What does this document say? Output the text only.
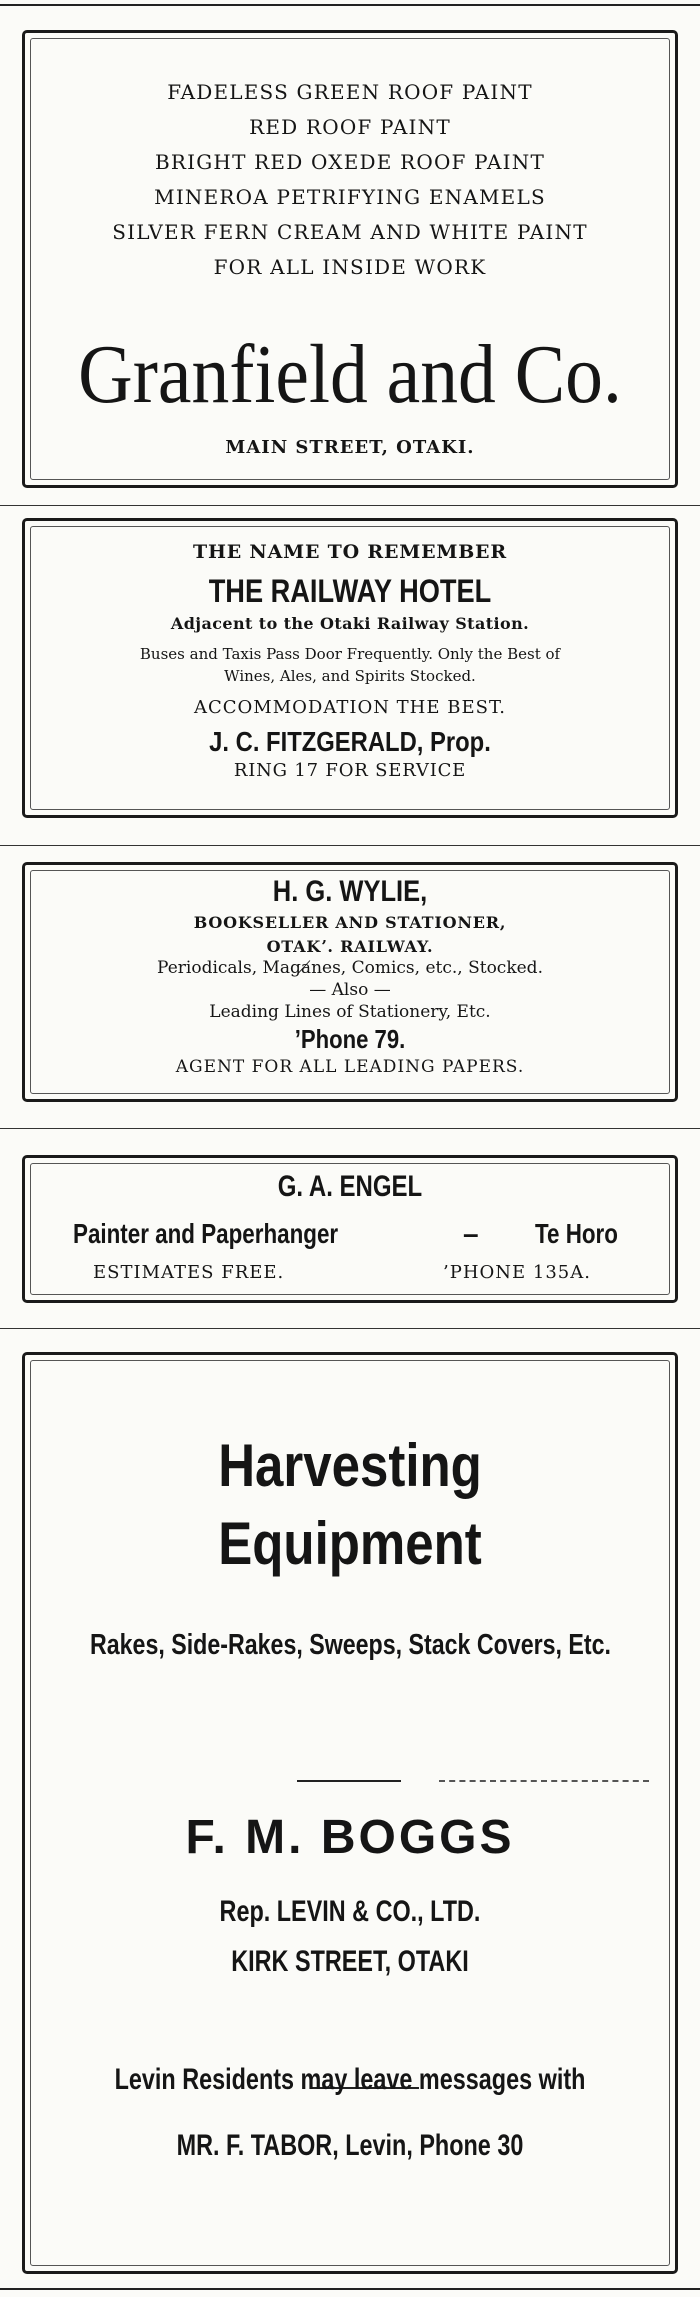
FADELESS GREEN ROOF PAINT
RED ROOF PAINT
BRIGHT RED OXEDE ROOF PAINT
MINEROA PETRIFYING ENAMELS
SILVER FERN CREAM AND WHITE PAINT
FOR ALL INSIDE WORK
Granfield and Co.
MAIN STREET, OTAKI.
THE NAME TO REMEMBER
THE RAILWAY HOTEL
Adjacent to the Otaki Railway Station.
Buses and Taxis Pass Door Frequently. Only the Best of
Wines, Ales, and Spirits Stocked.
ACCOMMODATION THE BEST.
J. C. FITZGERALD, Prop.
RING 17 FOR SERVICE
H. G. WYLIE,
BOOKSELLER AND STATIONER,
OTAKʼ. RAILWAY.
Periodicals, Maga̸nes, Comics, etc., Stocked.
— Also —
Leading Lines of Stationery, Etc.
’Phone 79.
AGENT FOR ALL LEADING PAPERS.
G. A. ENGEL
Painter and Paperhanger	– Te Horo
ESTIMATES FREE.	’PHONE 135A.
Harvesting
Equipment
Rakes, Side-Rakes, Sweeps, Stack Covers, Etc.
F. M. BOGGS
Rep. LEVIN & CO., LTD.
KIRK STREET, OTAKI
Levin Residents may leave messages with
MR. F. TABOR, Levin, Phone 30
